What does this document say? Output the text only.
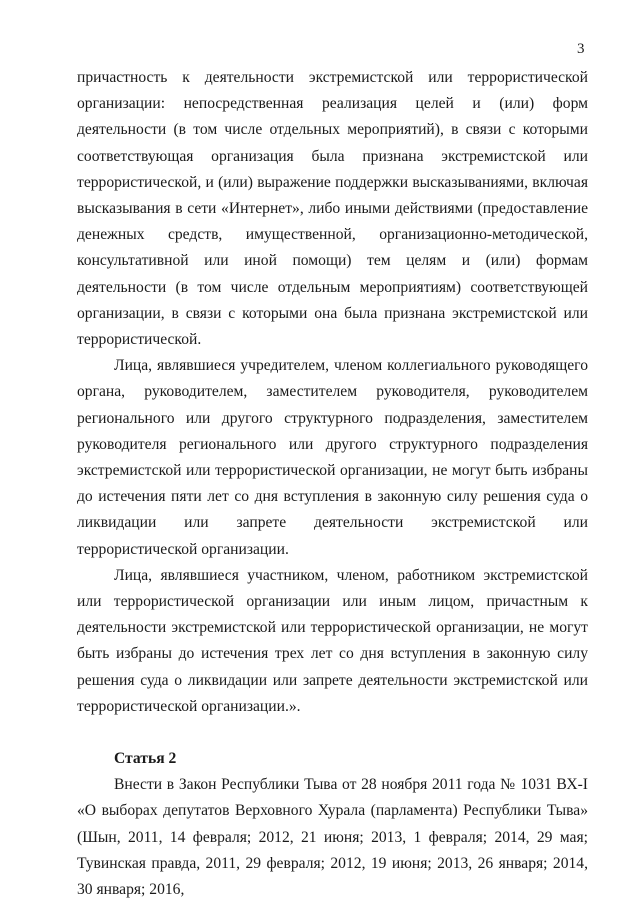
3

причастность к деятельности экстремистской или террористической организации: непосредственная реализация целей и (или) форм деятельности (в том числе отдельных мероприятий), в связи с которыми соответствующая организация была признана экстремистской или террористической, и (или) выражение поддержки высказываниями, включая высказывания в сети «Интернет», либо иными действиями (предоставление денежных средств, имущественной, организационно-методической, консультативной или иной помощи) тем целям и (или) формам деятельности (в том числе отдельным мероприятиям) соответствующей организации, в связи с которыми она была признана экстремистской или террористической.

Лица, являвшиеся учредителем, членом коллегиального руководящего органа, руководителем, заместителем руководителя, руководителем регионального или другого структурного подразделения, заместителем руководителя регионального или другого структурного подразделения экстремистской или террористической организации, не могут быть избраны до истечения пяти лет со дня вступления в законную силу решения суда о ликвидации или запрете деятельности экстремистской или террористической организации.

Лица, являвшиеся участником, членом, работником экстремистской или террористической организации или иным лицом, причастным к деятельности экстремистской или террористической организации, не могут быть избраны до истечения трех лет со дня вступления в законную силу решения суда о ликвидации или запрете деятельности экстремистской или террористической организации.».

Статья 2

Внести в Закон Республики Тыва от 28 ноября 2011 года № 1031 ВХ-I «О выборах депутатов Верховного Хурала (парламента) Республики Тыва» (Шын, 2011, 14 февраля; 2012, 21 июня; 2013, 1 февраля; 2014, 29 мая; Тувинская правда, 2011, 29 февраля; 2012, 19 июня; 2013, 26 января; 2014, 30 января; 2016,
